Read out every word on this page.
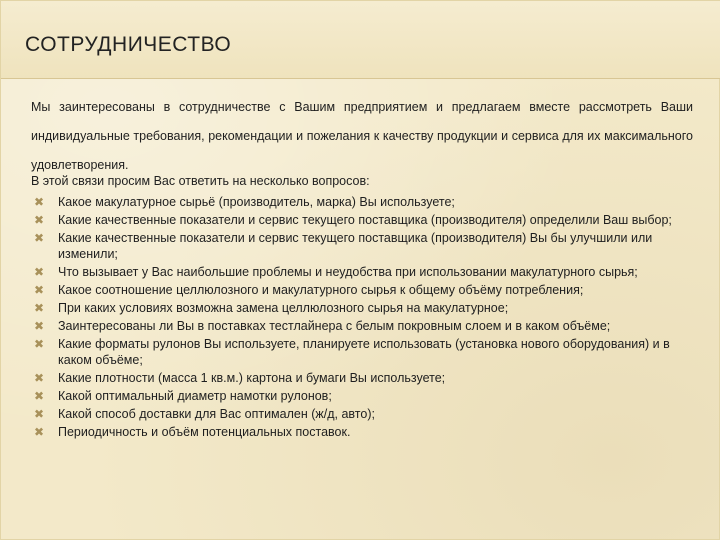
СОТРУДНИЧЕСТВО
Мы заинтересованы в сотрудничестве с Вашим предприятием и предлагаем вместе рассмотреть Ваши индивидуальные требования, рекомендации и пожелания к качеству продукции и сервиса для их максимального удовлетворения.
В этой связи просим Вас ответить на несколько вопросов:
✖ Какое макулатурное сырьё (производитель, марка) Вы используете;
✖ Какие качественные показатели и сервис текущего поставщика (производителя) определили Ваш выбор;
✖ Какие качественные показатели и сервис текущего поставщика (производителя) Вы бы улучшили или изменили;
✖ Что вызывает у Вас наибольшие проблемы и неудобства при использовании макулатурного сырья;
✖ Какое соотношение целлюлозного и макулатурного сырья к общему объёму потребления;
✖ При каких условиях возможна замена целлюлозного сырья на макулатурное;
✖ Заинтересованы ли Вы в поставках тестлайнера с белым покровным слоем и в каком объёме;
✖ Какие форматы рулонов Вы используете, планируете использовать (установка нового оборудования) и в каком объёме;
✖ Какие плотности (масса 1 кв.м.) картона и бумаги Вы используете;
✖ Какой оптимальный диаметр намотки рулонов;
✖ Какой способ доставки для Вас оптимален (ж/д, авто);
✖ Периодичность и объём потенциальных поставок.
